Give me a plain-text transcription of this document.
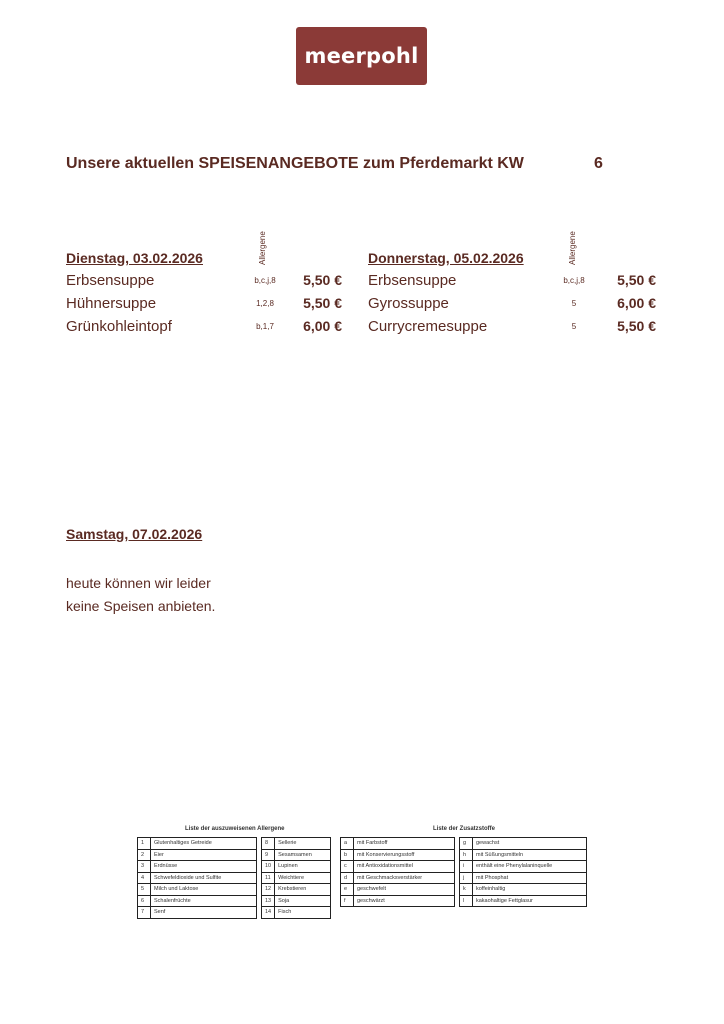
meerpohl
Unsere aktuellen SPEISENANGEBOTE zum Pferdemarkt KW	6
Allergene
Dienstag, 03.02.2026
Erbsensuppe	b,c,j,8	5,50 €
Hühnersuppe	1,2,8	5,50 €
Grünkohleintopf	b,1,7	6,00 €
Allergene
Donnerstag, 05.02.2026
Erbsensuppe	b,c,j,8	5,50 €
Gyrossuppe	5	6,00 €
Currycremesuppe	5	5,50 €
Samstag, 07.02.2026
heute können wir leider
keine Speisen anbieten.
Liste der auszuweisenen Allergene	Liste der Zusatzstoffe
1	Glutenhaltiges Getreide
2	Eier
3	Erdnüsse
4	Schwefeldioxide und Sulfite
5	Milch und Laktose
6	Schalenfrüchte
7	Senf
8	Sellerie
9	Sesamsamen
10	Lupinen
11	Weichtiere
12	Krebstieren
13	Soja
14	Fisch
a	mit Farbstoff
b	mit Konservierungsstoff
c	mit Antioxidationsmittel
d	mit Geschmacksverstärker
e	geschwefelt
f	geschwärzt
g	gewachst
h	mit Süßungsmitteln
i	enthält eine Phenylalaninquelle
j	mit Phosphat
k	koffeinhaltig
l	kakaohaltige Fettglasur
